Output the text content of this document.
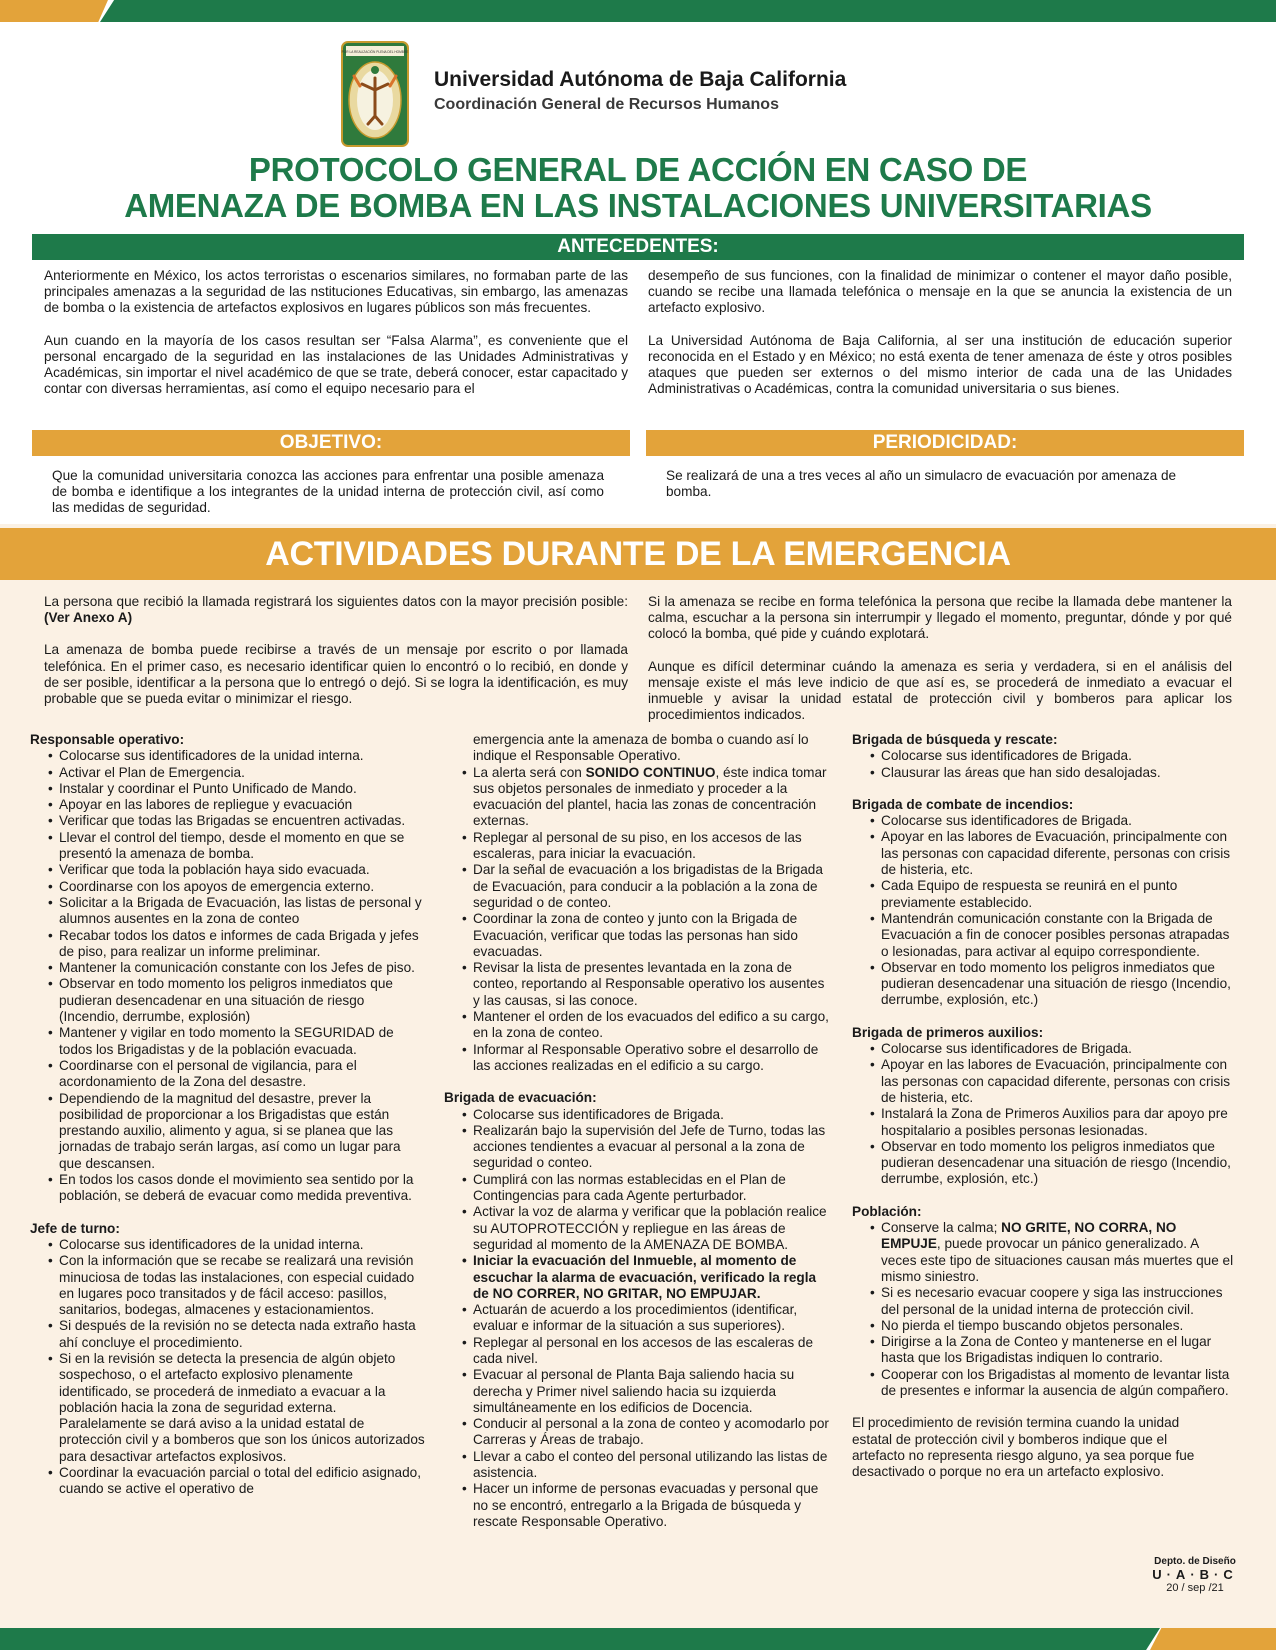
POR LA REALIZACIÓN PLENA DEL HOMBRE
Universidad Autónoma de Baja California
Coordinación General de Recursos Humanos
PROTOCOLO GENERAL DE ACCIÓN EN CASO DE
AMENAZA DE BOMBA EN LAS INSTALACIONES UNIVERSITARIAS
ANTECEDENTES:

Anteriormente en México, los actos terroristas o escenarios similares, no formaban parte de las principales amenazas a la seguridad de las nstituciones Educativas, sin embargo, las amenazas de bomba o la existencia de artefactos explosivos en lugares públicos son más frecuentes.

Aun cuando en la mayoría de los casos resultan ser “Falsa Alarma”, es conveniente que el personal encargado de la seguridad en las instalaciones de las Unidades Administrativas y Académicas, sin importar el nivel académico de que se trate, deberá conocer, estar capacitado y contar con diversas herramientas, así como el equipo necesario para el

desempeño de sus funciones, con la finalidad de minimizar o contener el mayor daño posible, cuando se recibe una llamada telefónica o mensaje en la que se anuncia la existencia de un artefacto explosivo.

La Universidad Autónoma de Baja California, al ser una institución de educación superior reconocida en el Estado y en México; no está exenta de tener amenaza de éste y otros posibles ataques que pueden ser externos o del mismo interior de cada una de las Unidades Administrativas o Académicas, contra la comunidad universitaria o sus bienes.

OBJETIVO:	PERIODICIDAD:
Que la comunidad universitaria conozca las acciones para enfrentar una posible amenaza de bomba e identifique a los integrantes de la unidad interna de protección civil, así como las medidas de seguridad.
Se realizará de una a tres veces al año un simulacro de evacuación por amenaza de bomba.
ACTIVIDADES DURANTE DE LA EMERGENCIA

La persona que recibió la llamada registrará los siguientes datos con la mayor precisión posible: (Ver Anexo A)

La amenaza de bomba puede recibirse a través de un mensaje por escrito o por llamada telefónica. En el primer caso, es necesario identificar quien lo encontró o lo recibió, en donde y de ser posible, identificar a la persona que lo entregó o dejó. Si se logra la identificación, es muy probable que se pueda evitar o minimizar el riesgo.

Si la amenaza se recibe en forma telefónica la persona que recibe la llamada debe mantener la calma, escuchar a la persona sin interrumpir y llegado el momento, preguntar, dónde y por qué colocó la bomba, qué pide y cuándo explotará.

Aunque es difícil determinar cuándo la amenaza es seria y verdadera, si en el análisis del mensaje existe el más leve indicio de que así es, se procederá de inmediato a evacuar el inmueble y avisar la unidad estatal de protección civil y bomberos para aplicar los procedimientos indicados.

Responsable operativo:
• Colocarse sus identificadores de la unidad interna.
• Activar el Plan de Emergencia.
• Instalar y coordinar el Punto Unificado de Mando.
• Apoyar en las labores de repliegue y evacuación
• Verificar que todas las Brigadas se encuentren activadas.
• Llevar el control del tiempo, desde el momento en que se presentó la amenaza de bomba.
• Verificar que toda la población haya sido evacuada.
• Coordinarse con los apoyos de emergencia externo.
• Solicitar a la Brigada de Evacuación, las listas de personal y alumnos ausentes en la zona de conteo
• Recabar todos los datos e informes de cada Brigada y jefes de piso, para realizar un informe preliminar.
• Mantener la comunicación constante con los Jefes de piso.
• Observar en todo momento los peligros inmediatos que pudieran desencadenar en una situación de riesgo (Incendio, derrumbe, explosión)
• Mantener y vigilar en todo momento la SEGURIDAD de todos los Brigadistas y de la población evacuada.
• Coordinarse con el personal de vigilancia, para el acordonamiento de la Zona del desastre.
• Dependiendo de la magnitud del desastre, prever la posibilidad de proporcionar a los Brigadistas que están prestando auxilio, alimento y agua, si se planea que las jornadas de trabajo serán largas, así como un lugar para que descansen.
• En todos los casos donde el movimiento sea sentido por la población, se deberá de evacuar como medida preventiva.
Jefe de turno:
• Colocarse sus identificadores de la unidad interna.
• Con la información que se recabe se realizará una revisión minuciosa de todas las instalaciones, con especial cuidado en lugares poco transitados y de fácil acceso: pasillos, sanitarios, bodegas, almacenes y estacionamientos.
• Si después de la revisión no se detecta nada extraño hasta ahí concluye el procedimiento.
• Si en la revisión se detecta la presencia de algún objeto sospechoso, o el artefacto explosivo plenamente identificado, se procederá de inmediato a evacuar a la población hacia la zona de seguridad externa. Paralelamente se dará aviso a la unidad estatal de protección civil y a bomberos que son los únicos autorizados para desactivar artefactos explosivos.
• Coordinar la evacuación parcial o total del edificio asignado, cuando se active el operativo de
emergencia ante la amenaza de bomba o cuando así lo indique el Responsable Operativo.
• La alerta será con SONIDO CONTINUO, éste indica tomar sus objetos personales de inmediato y proceder a la evacuación del plantel, hacia las zonas de concentración externas.
• Replegar al personal de su piso, en los accesos de las escaleras, para iniciar la evacuación.
• Dar la señal de evacuación a los brigadistas de la Brigada de Evacuación, para conducir a la población a la zona de seguridad o de conteo.
• Coordinar la zona de conteo y junto con la Brigada de Evacuación, verificar que todas las personas han sido evacuadas.
• Revisar la lista de presentes levantada en la zona de conteo, reportando al Responsable operativo los ausentes y las causas, si las conoce.
• Mantener el orden de los evacuados del edifico a su cargo, en la zona de conteo.
• Informar al Responsable Operativo sobre el desarrollo de las acciones realizadas en el edificio a su cargo.
Brigada de evacuación:
• Colocarse sus identificadores de Brigada.
• Realizarán bajo la supervisión del Jefe de Turno, todas las acciones tendientes a evacuar al personal a la zona de seguridad o conteo.
• Cumplirá con las normas establecidas en el Plan de Contingencias para cada Agente perturbador.
• Activar la voz de alarma y verificar que la población realice su AUTOPROTECCIÓN y repliegue en las áreas de seguridad al momento de la AMENAZA DE BOMBA.
• Iniciar la evacuación del Inmueble, al momento de escuchar la alarma de evacuación, verificado la regla de NO CORRER, NO GRITAR, NO EMPUJAR.
• Actuarán de acuerdo a los procedimientos (identificar, evaluar e informar de la situación a sus superiores).
• Replegar al personal en los accesos de las escaleras de cada nivel.
• Evacuar al personal de Planta Baja saliendo hacia su derecha y Primer nivel saliendo hacia su izquierda simultáneamente en los edificios de Docencia.
• Conducir al personal a la zona de conteo y acomodarlo por Carreras y Áreas de trabajo.
• Llevar a cabo el conteo del personal utilizando las listas de asistencia.
• Hacer un informe de personas evacuadas y personal que no se encontró, entregarlo a la Brigada de búsqueda y rescate Responsable Operativo.
Brigada de búsqueda y rescate:
• Colocarse sus identificadores de Brigada.
• Clausurar las áreas que han sido desalojadas.
Brigada de combate de incendios:
• Colocarse sus identificadores de Brigada.
• Apoyar en las labores de Evacuación, principalmente con las personas con capacidad diferente, personas con crisis de histeria, etc.
• Cada Equipo de respuesta se reunirá en el punto previamente establecido.
• Mantendrán comunicación constante con la Brigada de Evacuación a fin de conocer posibles personas atrapadas o lesionadas, para activar al equipo correspondiente.
• Observar en todo momento los peligros inmediatos que pudieran desencadenar una situación de riesgo (Incendio, derrumbe, explosión, etc.)
Brigada de primeros auxilios:
• Colocarse sus identificadores de Brigada.
• Apoyar en las labores de Evacuación, principalmente con las personas con capacidad diferente, personas con crisis de histeria, etc.
• Instalará la Zona de Primeros Auxilios para dar apoyo pre hospitalario a posibles personas lesionadas.
• Observar en todo momento los peligros inmediatos que pudieran desencadenar una situación de riesgo (Incendio, derrumbe, explosión, etc.)
Población:
• Conserve la calma; NO GRITE, NO CORRA, NO EMPUJE, puede provocar un pánico generalizado. A veces este tipo de situaciones causan más muertes que el mismo siniestro.
• Si es necesario evacuar coopere y siga las instrucciones del personal de la unidad interna de protección civil.
• No pierda el tiempo buscando objetos personales.
• Dirigirse a la Zona de Conteo y mantenerse en el lugar hasta que los Brigadistas indiquen lo contrario.
• Cooperar con los Brigadistas al momento de levantar lista de presentes e informar la ausencia de algún compañero.
El procedimiento de revisión termina cuando la unidad estatal de protección civil y bomberos indique que el artefacto no representa riesgo alguno, ya sea porque fue desactivado o porque no era un artefacto explosivo.
Depto. de Diseño
U·A·B·C
20 / sep /21
